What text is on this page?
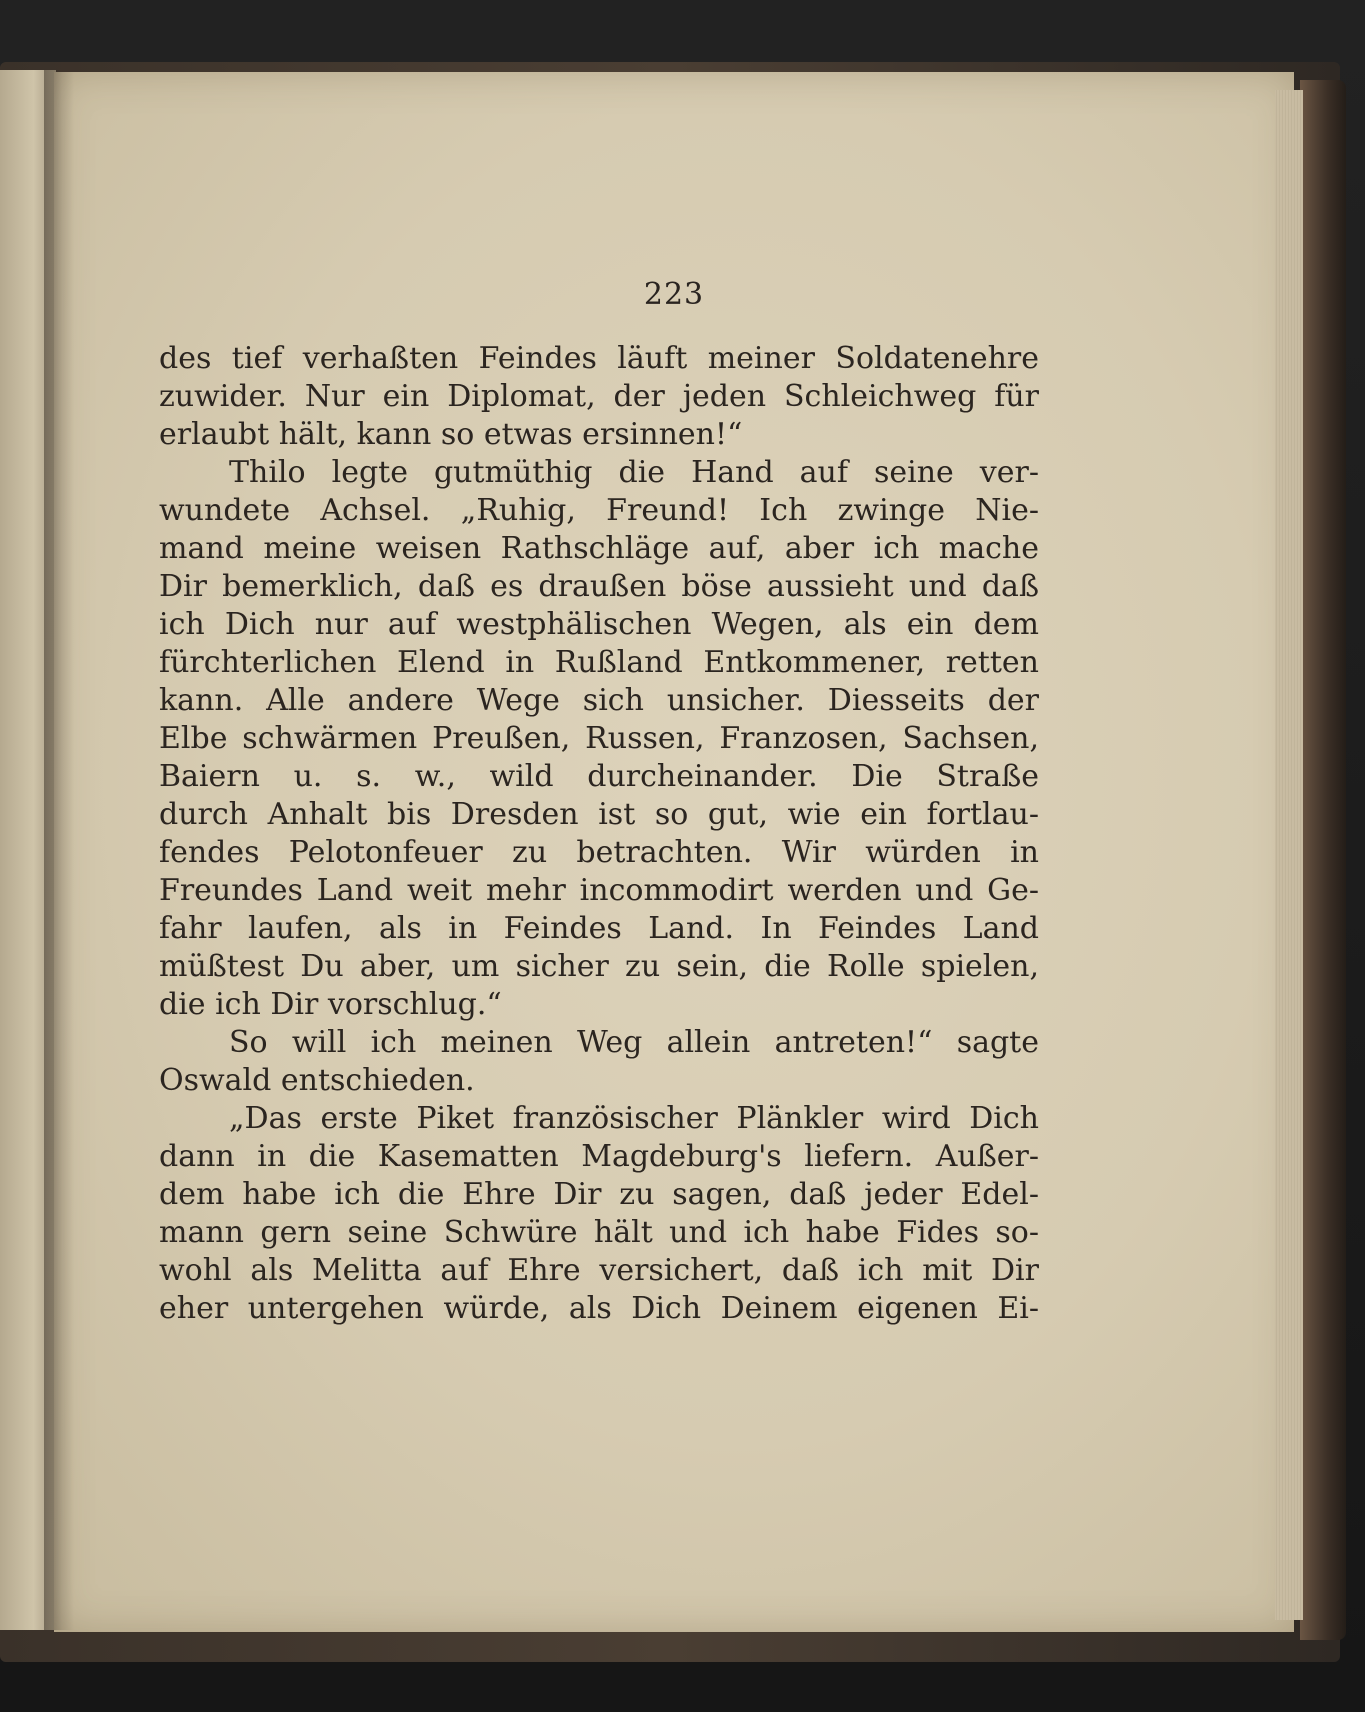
223
des tief verhaßten Feindes läuft meiner Soldatenehre
zuwider. Nur ein Diplomat, der jeden Schleichweg für
erlaubt hält, kann so etwas ersinnen!“
Thilo legte gutmüthig die Hand auf seine ver-
wundete Achsel. „Ruhig, Freund! Ich zwinge Nie-
mand meine weisen Rathschläge auf, aber ich mache
Dir bemerklich, daß es draußen böse aussieht und daß
ich Dich nur auf westphälischen Wegen, als ein dem
fürchterlichen Elend in Rußland Entkommener, retten
kann. Alle andere Wege sich unsicher. Diesseits der
Elbe schwärmen Preußen, Russen, Franzosen, Sachsen,
Baiern u. s. w., wild durcheinander. Die Straße
durch Anhalt bis Dresden ist so gut, wie ein fortlau-
fendes Pelotonfeuer zu betrachten. Wir würden in
Freundes Land weit mehr incommodirt werden und Ge-
fahr laufen, als in Feindes Land. In Feindes Land
müßtest Du aber, um sicher zu sein, die Rolle spielen,
die ich Dir vorschlug.“
So will ich meinen Weg allein antreten!“ sagte
Oswald entschieden.
„Das erste Piket französischer Plänkler wird Dich
dann in die Kasematten Magdeburg's liefern. Außer-
dem habe ich die Ehre Dir zu sagen, daß jeder Edel-
mann gern seine Schwüre hält und ich habe Fides so-
wohl als Melitta auf Ehre versichert, daß ich mit Dir
eher untergehen würde, als Dich Deinem eigenen Ei-
